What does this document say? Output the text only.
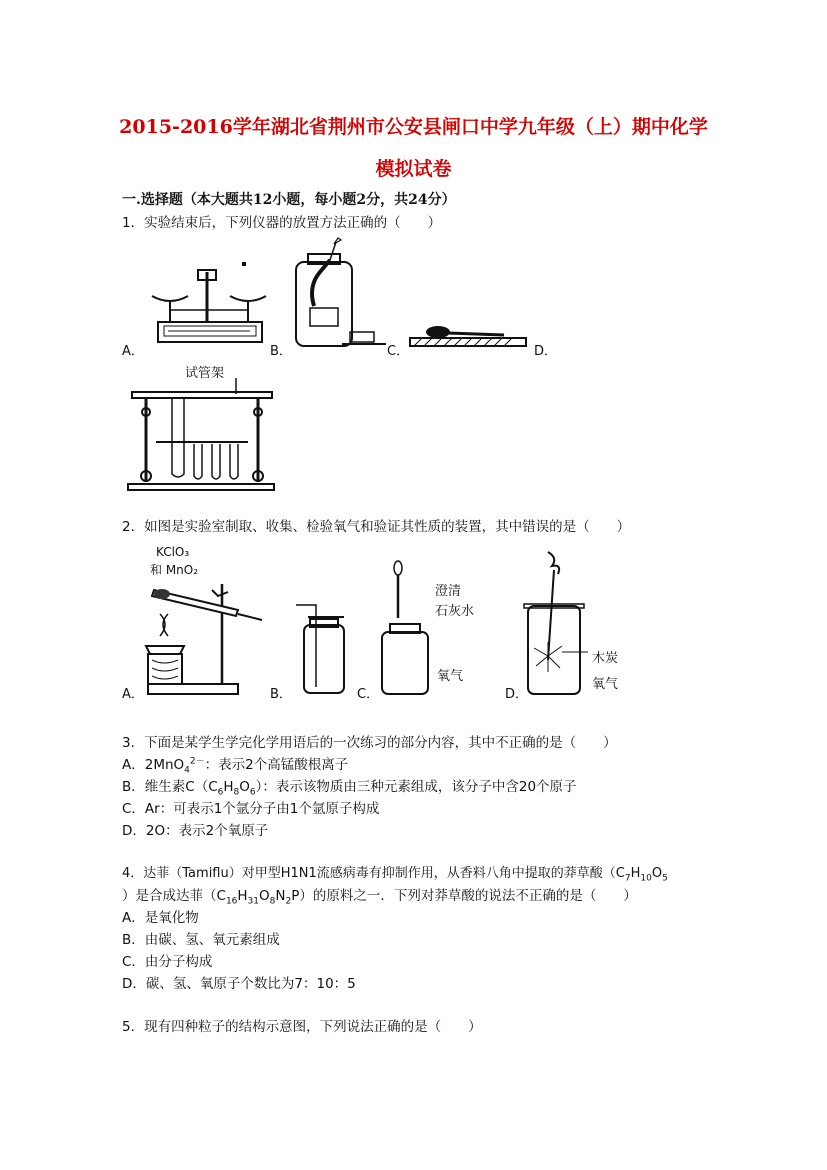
2015-2016学年湖北省荆州市公安县闸口中学九年级（上）期中化学
模拟试卷
一.选择题（本大题共12小题，每小题2分，共24分）
1．实验结束后，下列仪器的放置方法正确的（　　）
A．	B．	C．	D．
试管架
2．如图是实验室制取、收集、检验氧气和验证其性质的装置，其中错误的是（　　）
KClO₃
和 MnO₂
A．	B．
澄清
石灰水
氧气
C．
木炭
氧气
D．
3．下面是某学生学完化学用语后的一次练习的部分内容，其中不正确的是（　　）
A．2MnO$_4^{2-}$：表示2个高锰酸根离子
B．维生素$C(C_6H_8O_6)$：表示该物质由三种元素组成，该分子中含20个原子
C．Ar：可表示1个氩分子由1个氩原子构成
D．2O：表示2个氧原子
4．达菲（Tamiflu）对甲型H1N1流感病毒有抑制作用，从香料八角中提取的莽草酸（$C_7H_{10}O_5$
）是合成达菲$(C_{16}H_{31}O_8N_2P)$的原料之一．下列对莽草酸的说法不正确的是（　　）
A．是氧化物
B．由碳、氢、氧元素组成
C．由分子构成
D．碳、氢、氧原子个数比为7：10：5
5．现有四种粒子的结构示意图，下列说法正确的是（　　）
